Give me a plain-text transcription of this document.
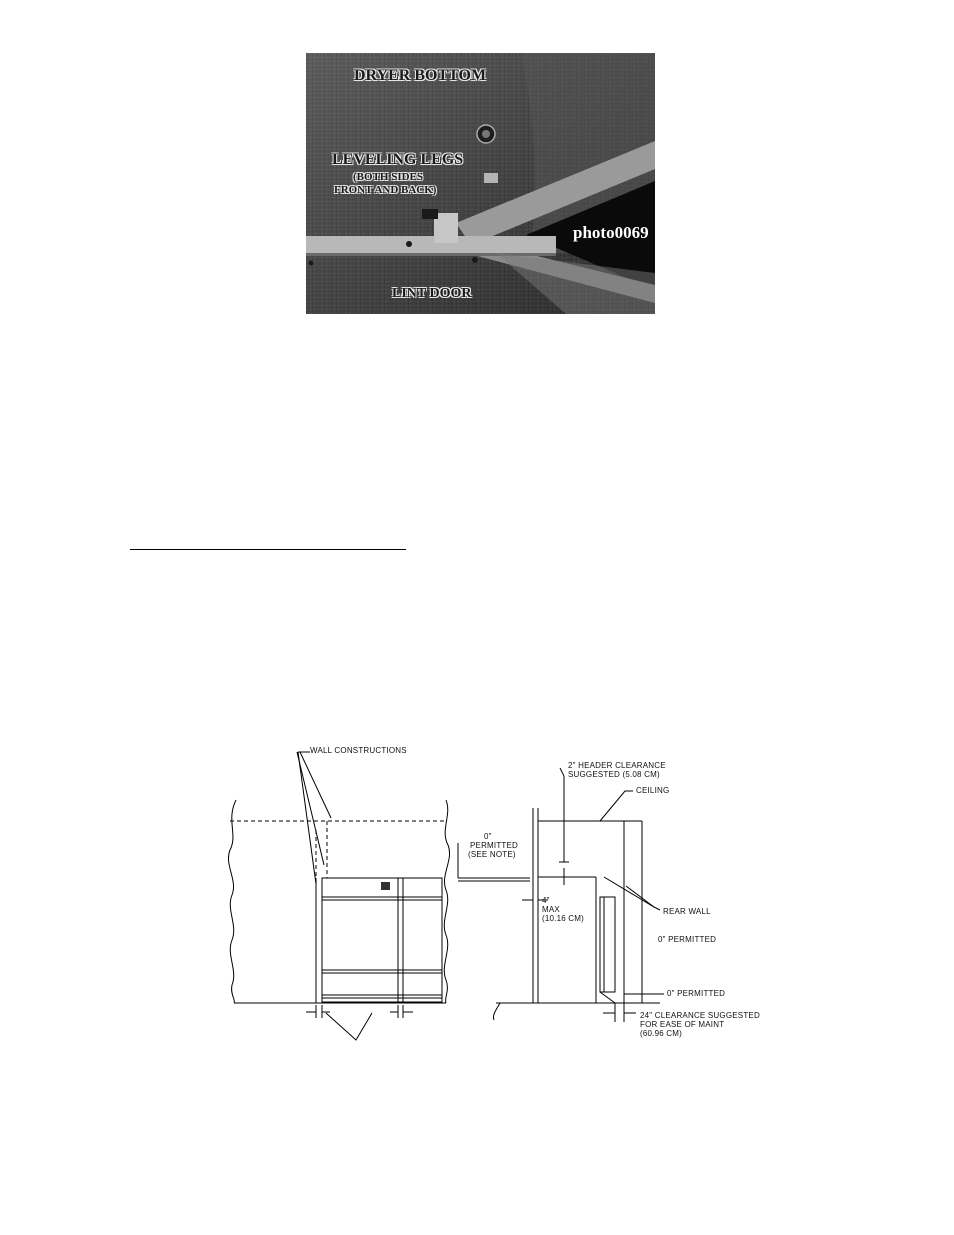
DRYER BOTTOM
LEVELING LEGS
(BOTH SIDES
FRONT AND BACK)
photo0069
LINT DOOR
WALL CONSTRUCTIONS
2" HEADER CLEARANCE
SUGGESTED (5.08 CM)
CEILING
0"
PERMITTED
(SEE NOTE)
4"
MAX
(10.16 CM)
REAR WALL
0" PERMITTED
0" PERMITTED
24" CLEARANCE SUGGESTED
FOR EASE OF MAINT
(60.96 CM)
